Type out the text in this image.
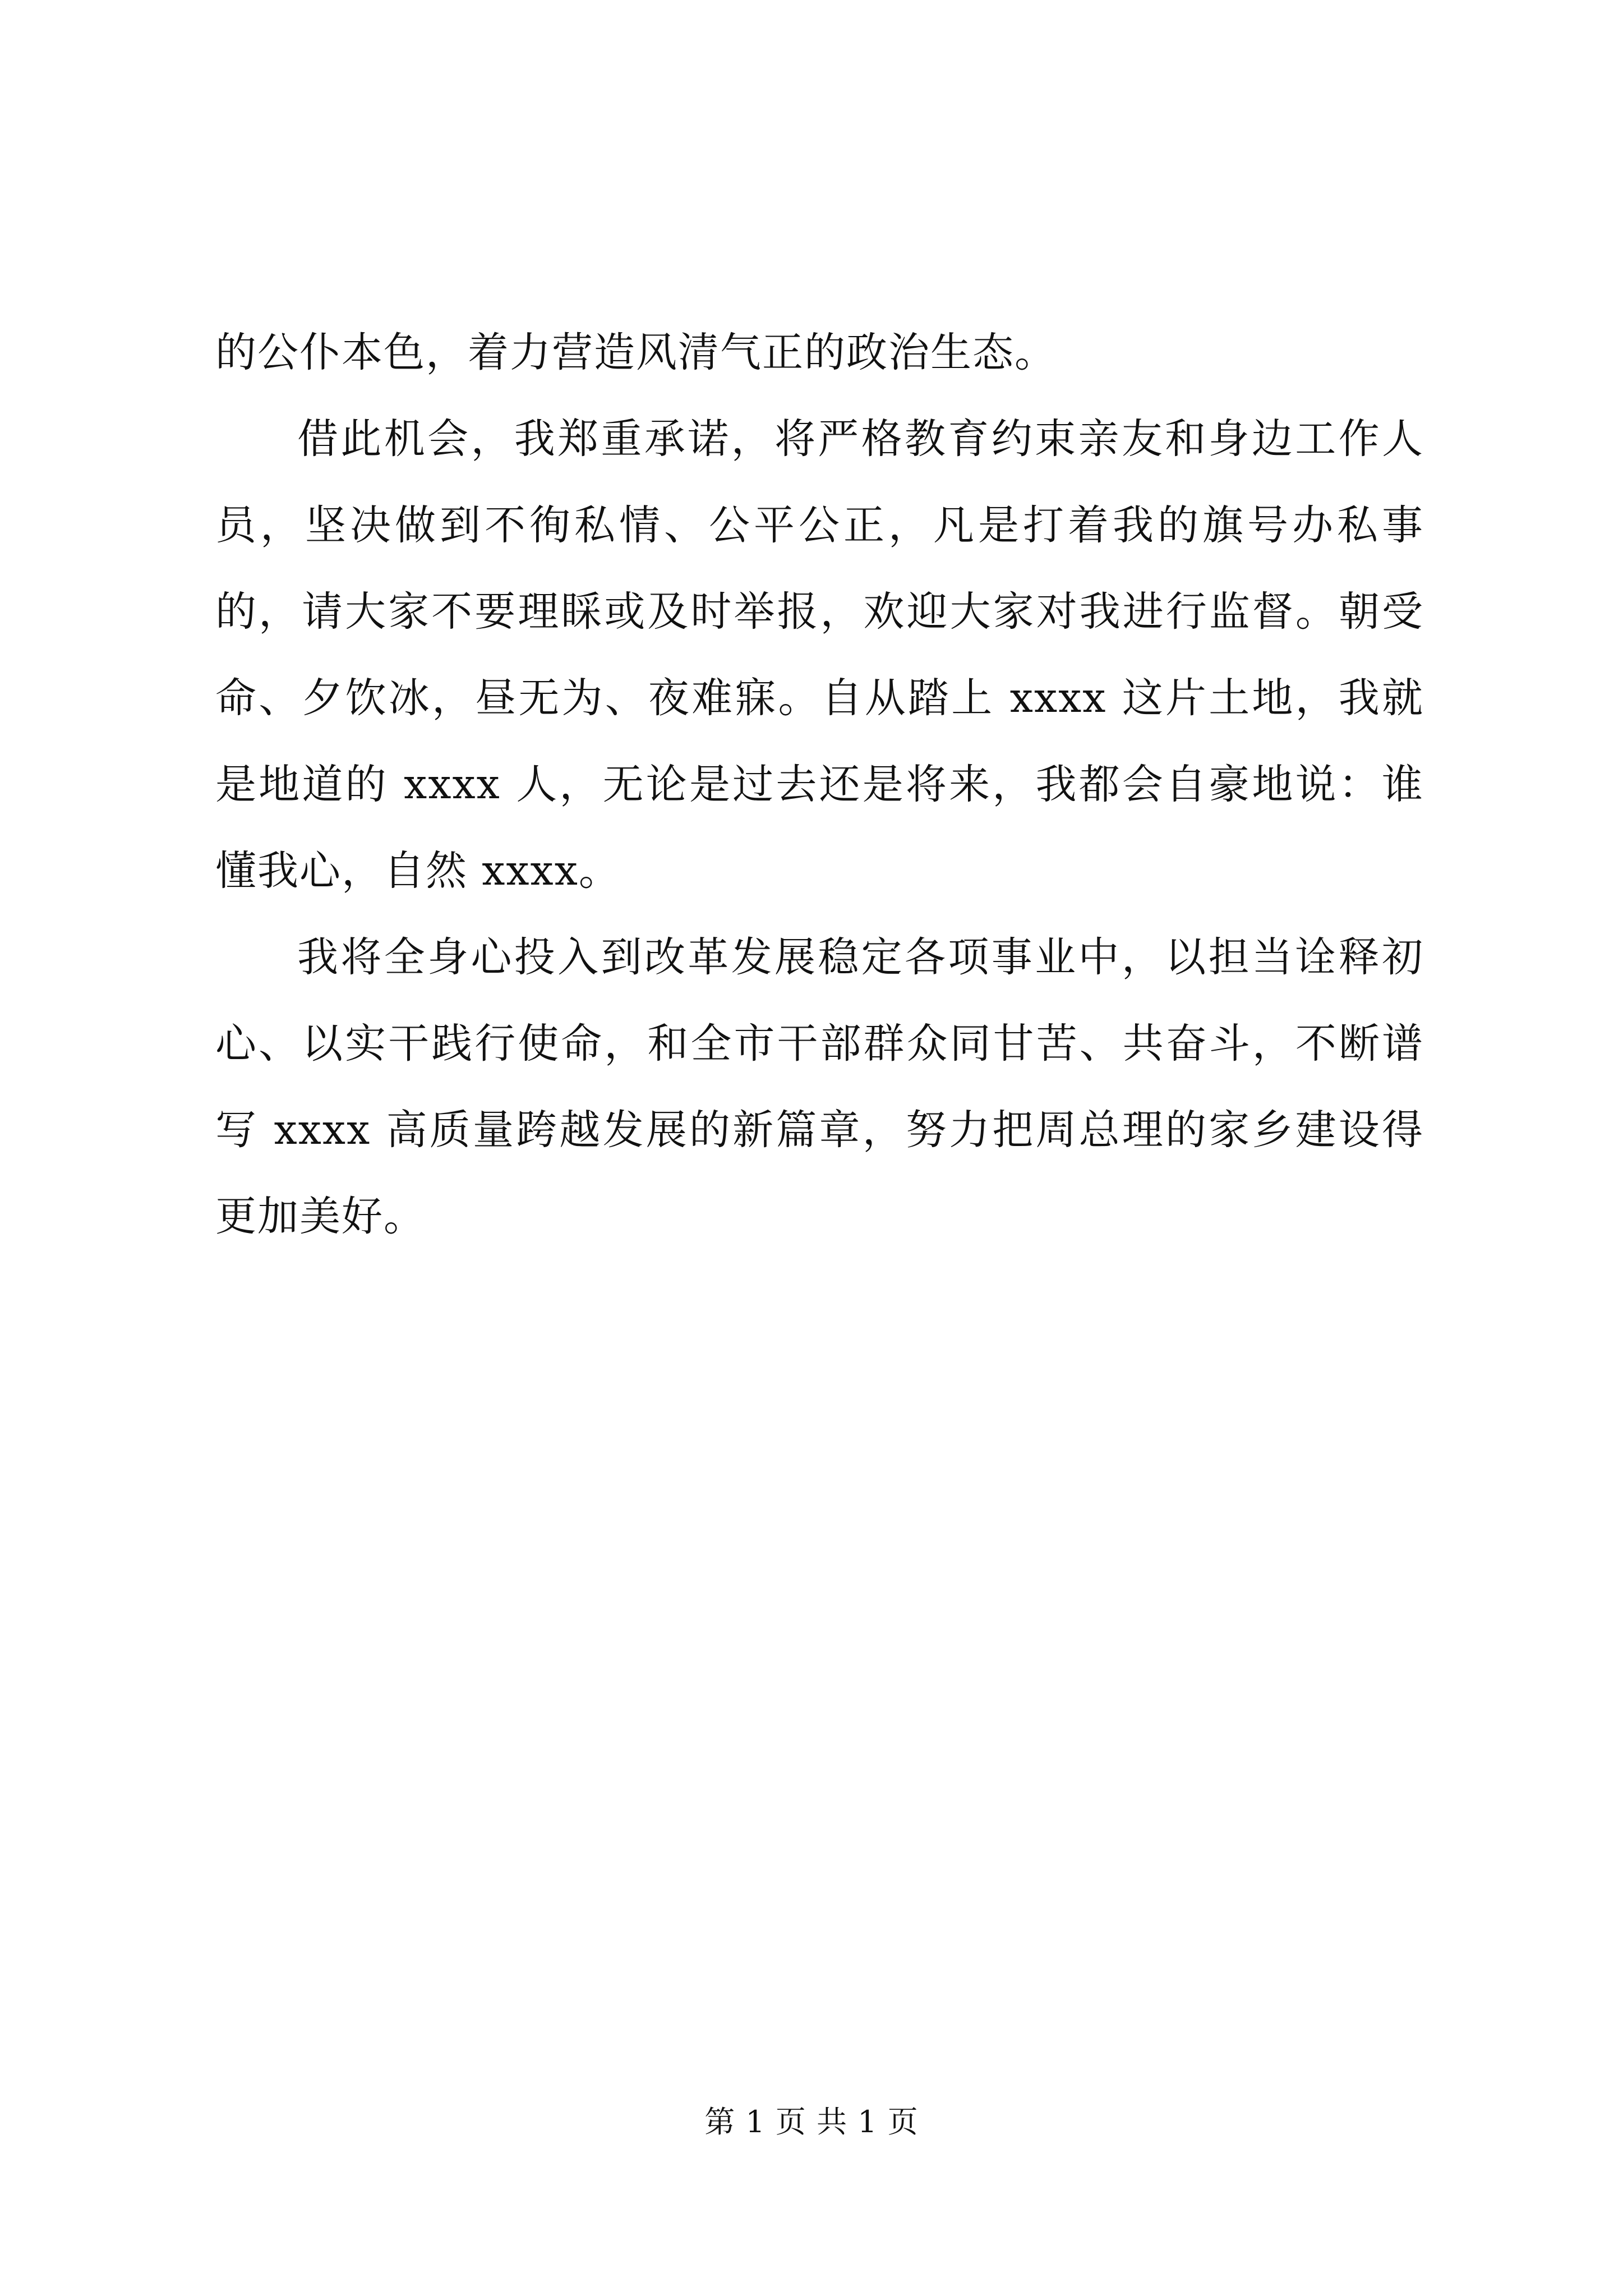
的公仆本色，着力营造风清气正的政治生态。

借此机会，我郑重承诺，将严格教育约束亲友和身边工作人员，坚决做到不徇私情、公平公正，凡是打着我的旗号办私事的，请大家不要理睬或及时举报，欢迎大家对我进行监督。朝受命、夕饮冰，昼无为、夜难寐。自从踏上 xxxx 这片土地，我就是地道的 xxxx 人，无论是过去还是将来，我都会自豪地说：谁懂我心，自然 xxxx。

我将全身心投入到改革发展稳定各项事业中，以担当诠释初心、以实干践行使命，和全市干部群众同甘苦、共奋斗，不断谱写 xxxx 高质量跨越发展的新篇章，努力把周总理的家乡建设得更加美好。

第 1 页 共 1 页
